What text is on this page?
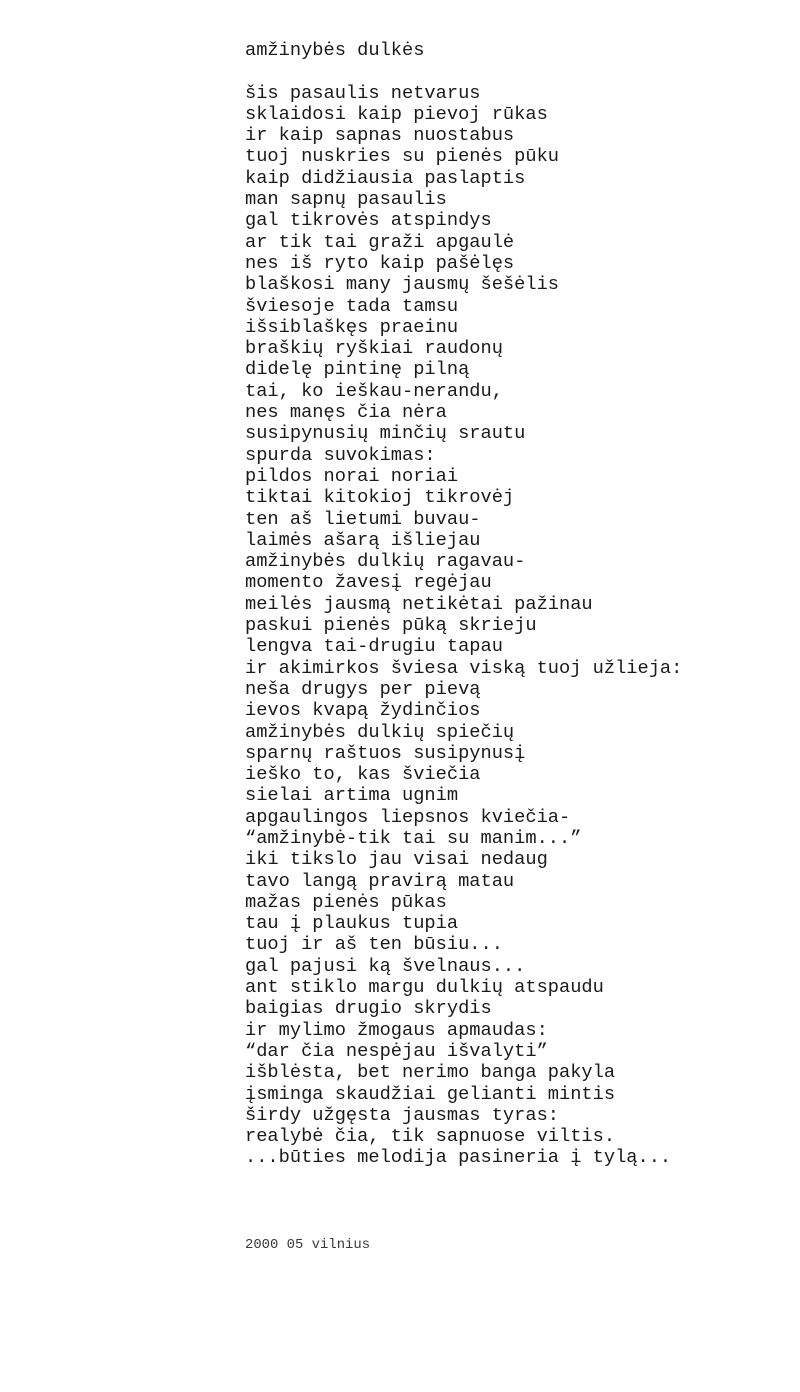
amžinybės dulkės
šis pasaulis netvarus
sklaidosi kaip pievoj rūkas
ir kaip sapnas nuostabus
tuoj nuskries su pienės pūku
kaip didžiausia paslaptis
man sapnų pasaulis
gal tikrovės atspindys
ar tik tai graži apgaulė
nes iš ryto kaip pašėlęs
blaškosi many jausmų šešėlis
šviesoje tada tamsu
išsiblaškęs praeinu
braškių ryškiai raudonų
didelę pintinę pilną
tai, ko ieškau-nerandu,
nes manęs čia nėra
susipynusių minčių srautu
spurda suvokimas:
pildos norai noriai
tiktai kitokioj tikrovėj
ten aš lietumi buvau-
laimės ašarą išliejau
amžinybės dulkių ragavau-
momento žavesį regėjau
meilės jausmą netikėtai pažinau
paskui pienės pūką skrieju
lengva tai-drugiu tapau
ir akimirkos šviesa viską tuoj užlieja:
neša drugys per pievą
ievos kvapą žydinčios
amžinybės dulkių spiečių
sparnų raštuos susipynusį
ieško to, kas šviečia
sielai artima ugnim
apgaulingos liepsnos kviečia-
“amžinybė-tik tai su manim...”
iki tikslo jau visai nedaug
tavo langą pravirą matau
mažas pienės pūkas
tau į plaukus tupia
tuoj ir aš ten būsiu...
gal pajusi ką švelnaus...
ant stiklo margu dulkių atspaudu
baigias drugio skrydis
ir mylimo žmogaus apmaudas:
“dar čia nespėjau išvalyti”
išblėsta, bet nerimo banga pakyla
įsminga skaudžiai gelianti mintis
širdy užgęsta jausmas tyras:
realybė čia, tik sapnuose viltis.
...būties melodija pasineria į tylą...
2000 05 vilnius
